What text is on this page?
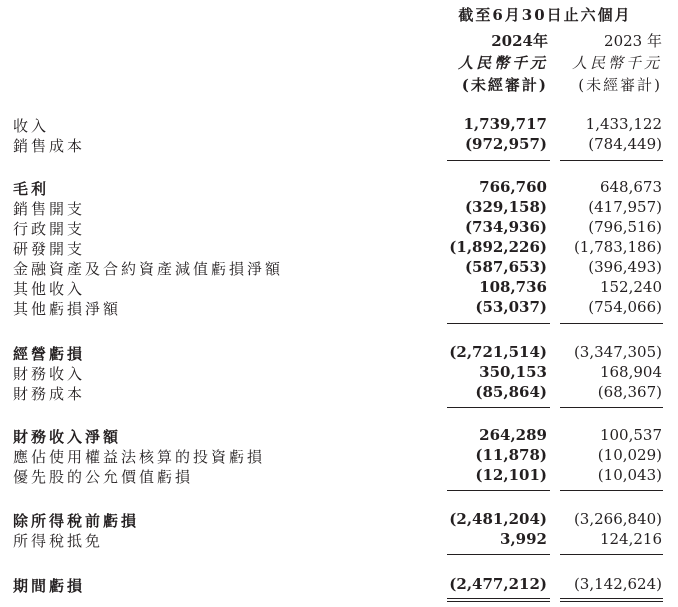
截至6月30日止六個月
2024年
人民幣千元
(未經審計)
2023 年
人民幣千元
(未經審計)
收入	1,739,717	1,433,122
銷售成本	(972,957)	(784,449)
毛利	766,760	648,673
銷售開支	(329,158)	(417,957)
行政開支	(734,936)	(796,516)
研發開支	(1,892,226)	(1,783,186)
金融資產及合約資產減值虧損淨額	(587,653)	(396,493)
其他收入	108,736	152,240
其他虧損淨額	(53,037)	(754,066)
經營虧損	(2,721,514)	(3,347,305)
財務收入	350,153	168,904
財務成本	(85,864)	(68,367)
財務收入淨額	264,289	100,537
應佔使用權益法核算的投資虧損	(11,878)	(10,029)
優先股的公允價值虧損	(12,101)	(10,043)
除所得稅前虧損	(2,481,204)	(3,266,840)
所得稅抵免	3,992	124,216
期間虧損	(2,477,212)	(3,142,624)
